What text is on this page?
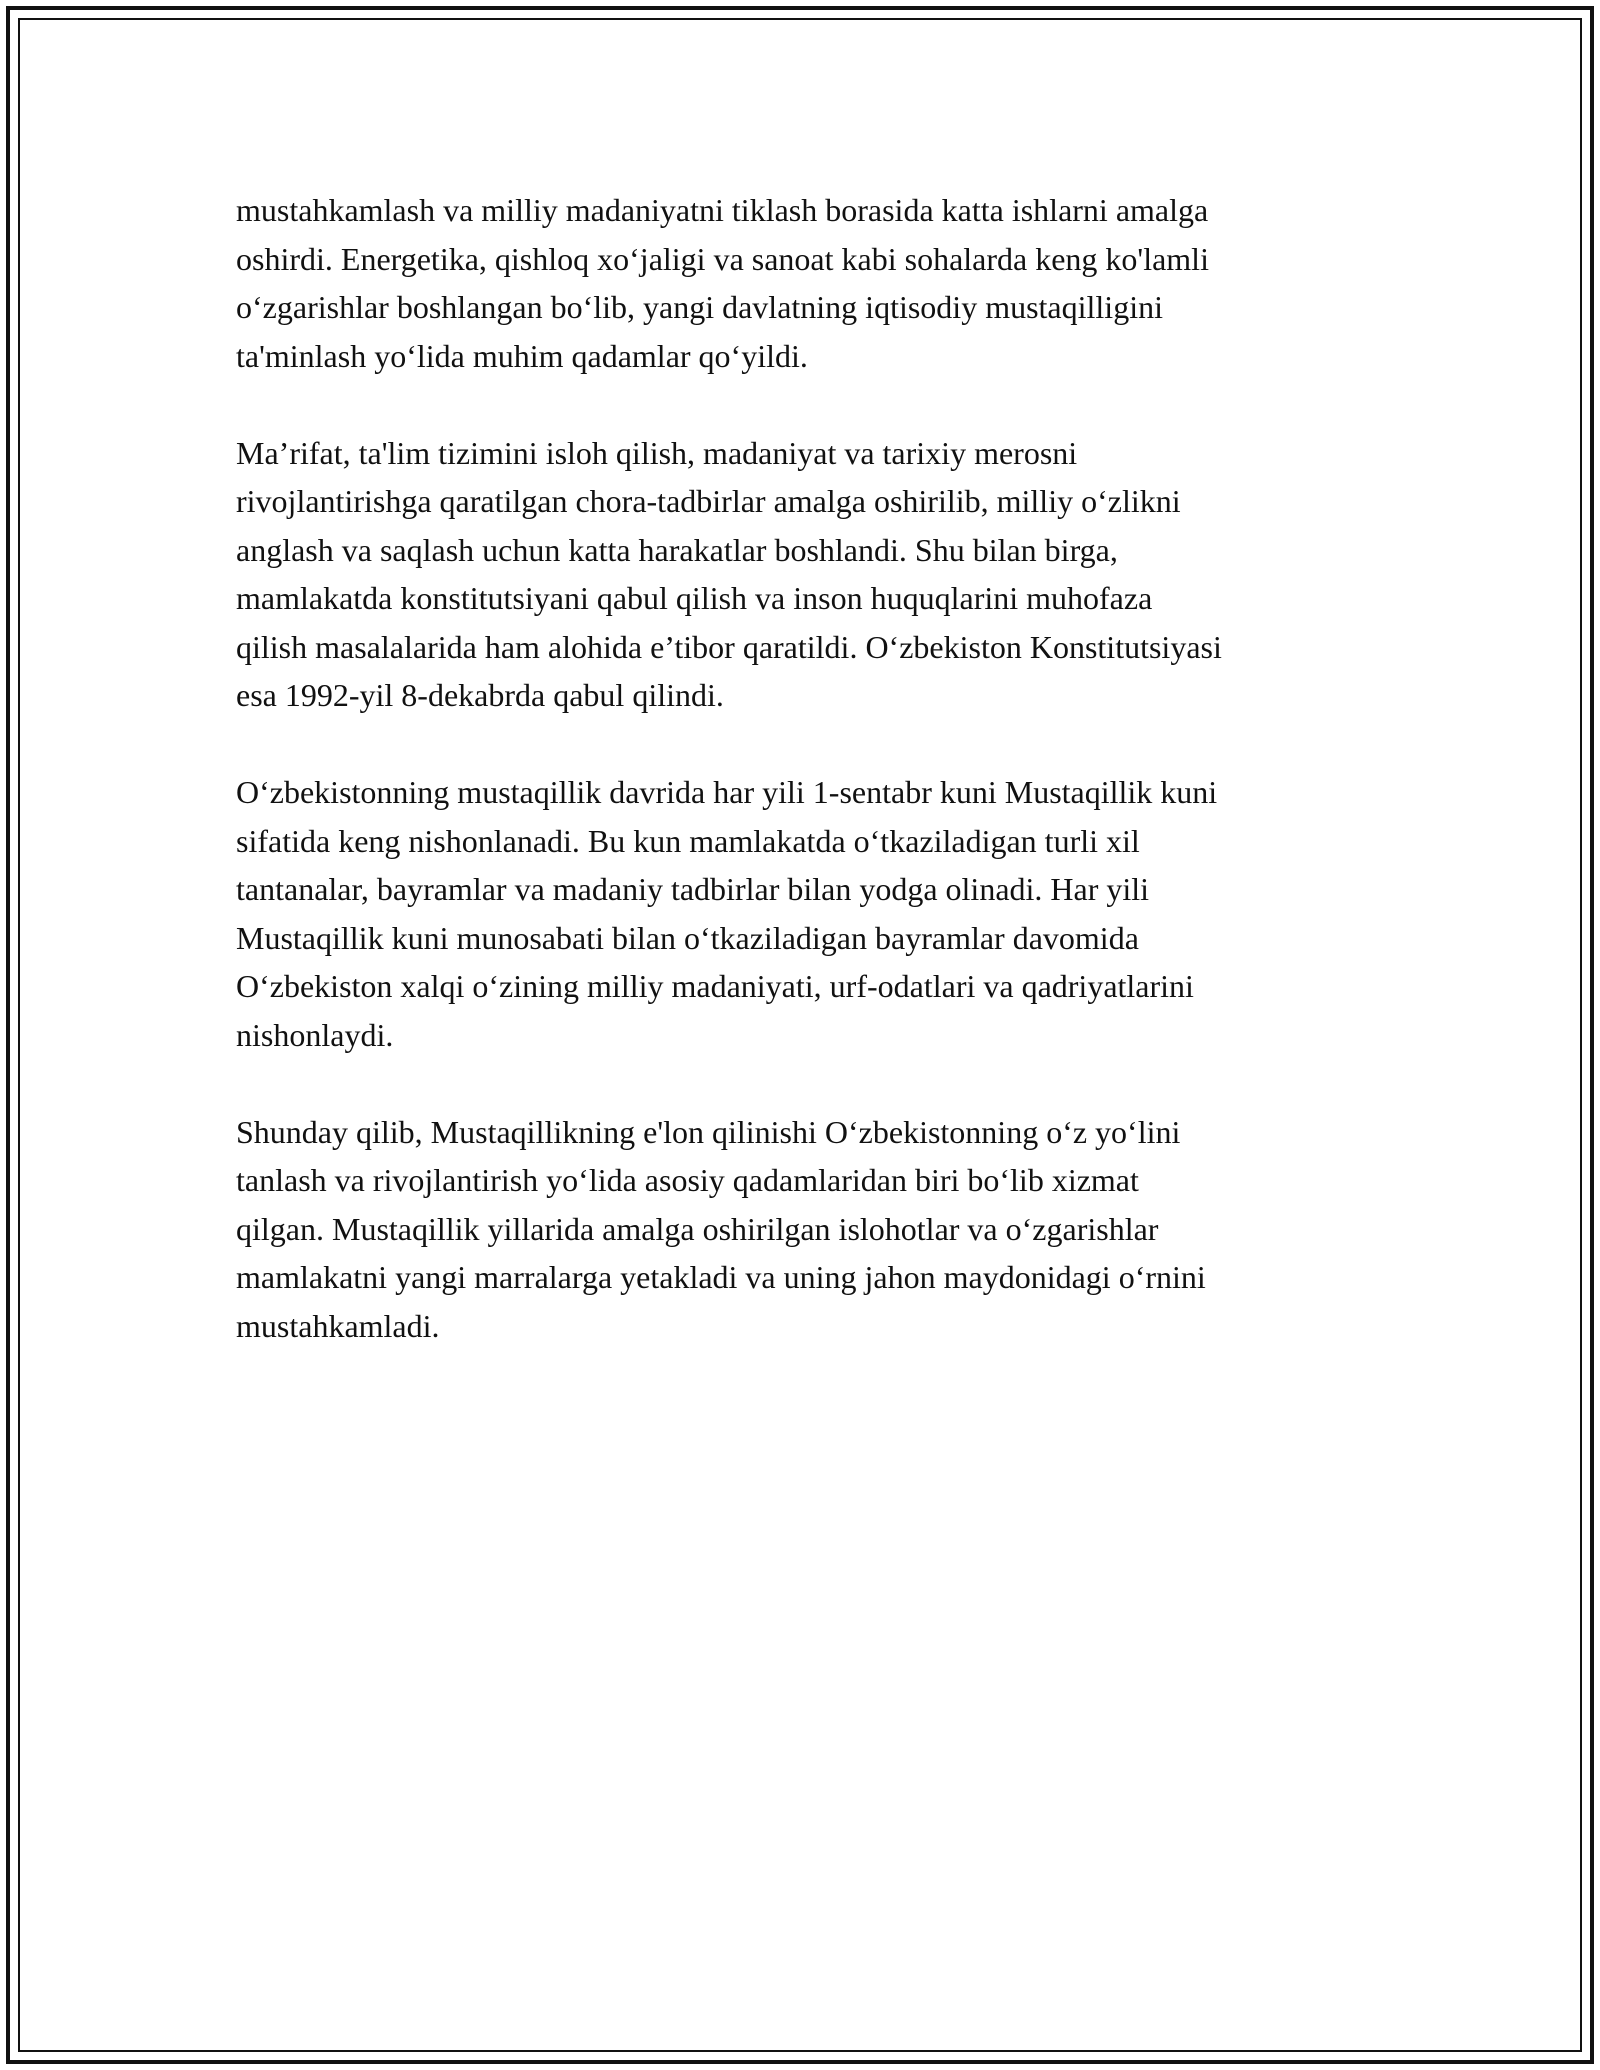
mustahkamlash va milliy madaniyatni tiklash borasida katta ishlarni amalga
oshirdi. Energetika, qishloq xo‘jaligi va sanoat kabi sohalarda keng ko'lamli
o‘zgarishlar boshlangan bo‘lib, yangi davlatning iqtisodiy mustaqilligini
ta'minlash yo‘lida muhim qadamlar qo‘yildi.

Ma’rifat, ta'lim tizimini isloh qilish, madaniyat va tarixiy merosni
rivojlantirishga qaratilgan chora-tadbirlar amalga oshirilib, milliy o‘zlikni
anglash va saqlash uchun katta harakatlar boshlandi. Shu bilan birga,
mamlakatda konstitutsiyani qabul qilish va inson huquqlarini muhofaza
qilish masalalarida ham alohida e’tibor qaratildi. O‘zbekiston Konstitutsiyasi
esa 1992-yil 8-dekabrda qabul qilindi.

O‘zbekistonning mustaqillik davrida har yili 1-sentabr kuni Mustaqillik kuni
sifatida keng nishonlanadi. Bu kun mamlakatda o‘tkaziladigan turli xil
tantanalar, bayramlar va madaniy tadbirlar bilan yodga olinadi. Har yili
Mustaqillik kuni munosabati bilan o‘tkaziladigan bayramlar davomida
O‘zbekiston xalqi o‘zining milliy madaniyati, urf-odatlari va qadriyatlarini
nishonlaydi.

Shunday qilib, Mustaqillikning e'lon qilinishi O‘zbekistonning o‘z yo‘lini
tanlash va rivojlantirish yo‘lida asosiy qadamlaridan biri bo‘lib xizmat
qilgan. Mustaqillik yillarida amalga oshirilgan islohotlar va o‘zgarishlar
mamlakatni yangi marralarga yetakladi va uning jahon maydonidagi o‘rnini
mustahkamladi.
